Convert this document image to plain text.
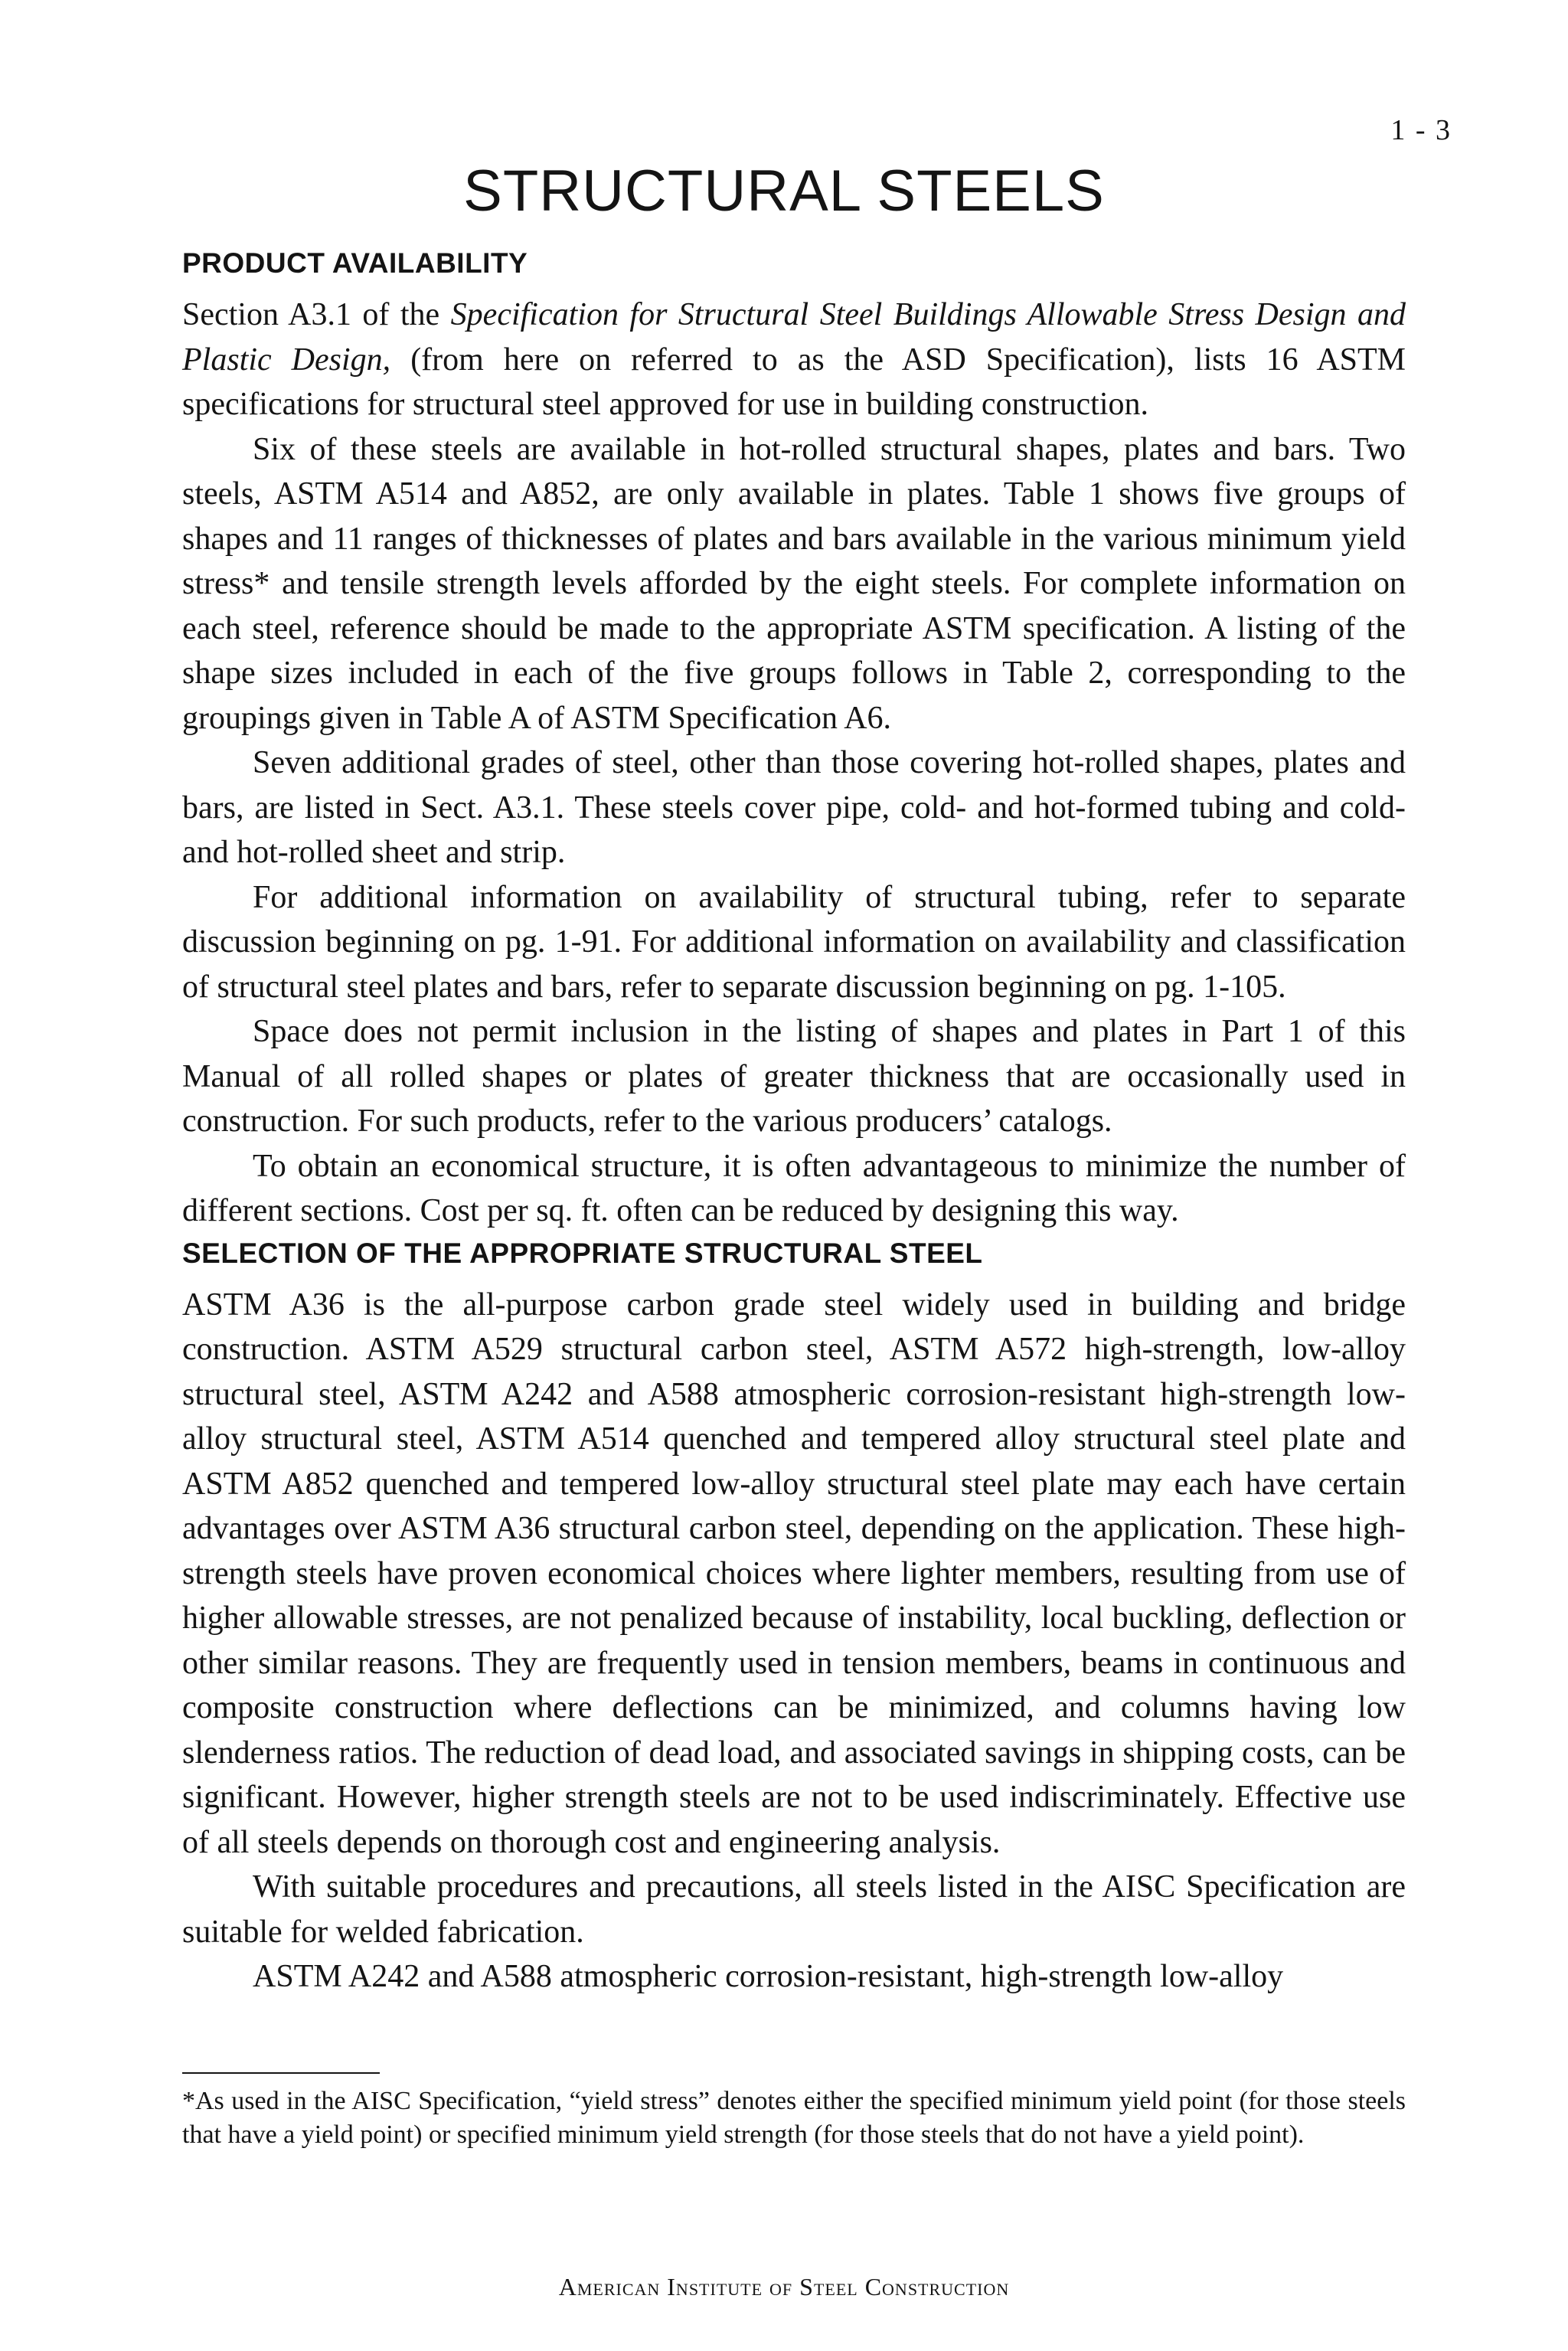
1 - 3
STRUCTURAL STEELS
PRODUCT AVAILABILITY

Section A3.1 of the Specification for Structural Steel Buildings Allowable Stress Design and Plastic Design, (from here on referred to as the ASD Specification), lists 16 ASTM specifications for structural steel approved for use in building construction.

Six of these steels are available in hot-rolled structural shapes, plates and bars. Two steels, ASTM A514 and A852, are only available in plates. Table 1 shows five groups of shapes and 11 ranges of thicknesses of plates and bars available in the various minimum yield stress* and tensile strength levels afforded by the eight steels. For complete information on each steel, reference should be made to the appropriate ASTM specification. A listing of the shape sizes included in each of the five groups follows in Table 2, corresponding to the groupings given in Table A of ASTM Specification A6.

Seven additional grades of steel, other than those covering hot-rolled shapes, plates and bars, are listed in Sect. A3.1. These steels cover pipe, cold- and hot-formed tubing and cold- and hot-rolled sheet and strip.

For additional information on availability of structural tubing, refer to separate discussion beginning on pg. 1-91. For additional information on availability and classification of structural steel plates and bars, refer to separate discussion beginning on pg. 1-105.

Space does not permit inclusion in the listing of shapes and plates in Part 1 of this Manual of all rolled shapes or plates of greater thickness that are occasionally used in construction. For such products, refer to the various producers’ catalogs.

To obtain an economical structure, it is often advantageous to minimize the number of different sections. Cost per sq. ft. often can be reduced by designing this way.

SELECTION OF THE APPROPRIATE STRUCTURAL STEEL

ASTM A36 is the all-purpose carbon grade steel widely used in building and bridge construction. ASTM A529 structural carbon steel, ASTM A572 high-strength, low-alloy structural steel, ASTM A242 and A588 atmospheric corrosion-resistant high-strength low-alloy structural steel, ASTM A514 quenched and tempered alloy structural steel plate and ASTM A852 quenched and tempered low-alloy structural steel plate may each have certain advantages over ASTM A36 structural carbon steel, depending on the application. These high-strength steels have proven economical choices where lighter members, resulting from use of higher allowable stresses, are not penalized because of instability, local buckling, deflection or other similar reasons. They are frequently used in tension members, beams in continuous and composite construction where deflections can be minimized, and columns having low slenderness ratios. The reduction of dead load, and associated savings in shipping costs, can be significant. However, higher strength steels are not to be used indiscriminately. Effective use of all steels depends on thorough cost and engineering analysis.

With suitable procedures and precautions, all steels listed in the AISC Specification are suitable for welded fabrication.

ASTM A242 and A588 atmospheric corrosion-resistant, high-strength low-alloy

*As used in the AISC Specification, “yield stress” denotes either the specified minimum yield point (for those steels that have a yield point) or specified minimum yield strength (for those steels that do not have a yield point).
American Institute of Steel Construction
